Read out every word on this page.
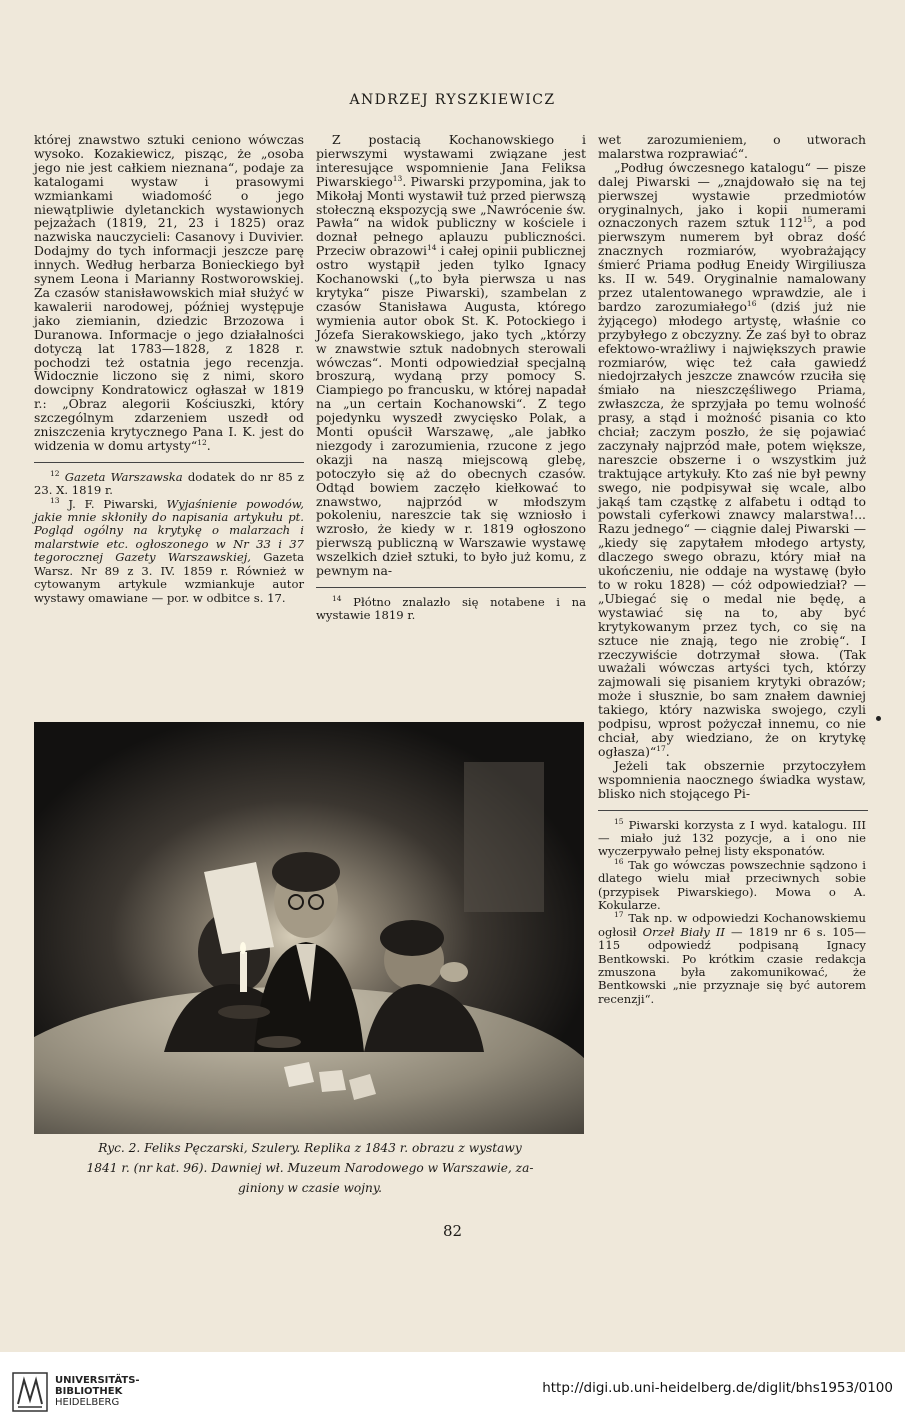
ANDRZEJ RYSZKIEWICZ

której znawstwo sztuki ceniono wówczas wysoko. Kozakiewicz, pisząc, że „osoba jego nie jest całkiem nieznana“, podaje za katalogami wystaw i prasowymi wzmiankami wiadomość o jego niewątpliwie dyletanckich wystawionych pejzażach (1819, 21, 23 i 1825) oraz nazwiska nauczycieli: Casanovy i Duvivier. Dodajmy do tych informacji jeszcze parę innych. Według herbarza Bonieckiego był synem Leona i Marianny Rostworowskiej. Za czasów stanisławowskich miał służyć w kawalerii narodowej, później występuje jako ziemianin, dziedzic Brzozowa i Duranowa. Informacje o jego działalności dotyczą lat 1783—1828, z 1828 r. pochodzi też ostatnia jego recenzja. Widocznie liczono się z nimi, skoro dowcipny Kondratowicz ogłaszał w 1819 r.: „Obraz alegorii Kościuszki, który szczególnym zdarzeniem uszedł od zniszczenia krytycznego Pana I. K. jest do widzenia w domu artysty“$^{12}$.

$^{12}$ Gazeta Warszawska dodatek do nr 85 z 23. X. 1819 r.

$^{13}$ J. F. Piwarski, Wyjaśnienie powodów, jakie mnie skłoniły do napisania artykułu pt. Pogląd ogólny na krytykę o malarzach i malarstwie etc. ogłoszonego w Nr 33 i 37 tegorocznej Gazety Warszawskiej, Gazeta Warsz. Nr 89 z 3. IV. 1859 r. Również w cytowanym artykule wzmiankuje autor wystawy omawiane — por. w odbitce s. 17.

Z postacią Kochanowskiego i pierwszymi wystawami związane jest interesujące wspomnienie Jana Feliksa Piwarskiego$^{13}$. Piwarski przypomina, jak to Mikołaj Monti wystawił tuż przed pierwszą stołeczną ekspozycją swe „Nawrócenie św. Pawła“ na widok publiczny w kościele i doznał pełnego aplauzu publiczności. Przeciw obrazowi$^{14}$ i całej opinii publicznej ostro wystąpił jeden tylko Ignacy Kochanowski („to była pierwsza u nas krytyka“ pisze Piwarski), szambelan z czasów Stanisława Augusta, którego wymienia autor obok St. K. Potockiego i Józefa Sierakowskiego, jako tych „którzy w znawstwie sztuk nadobnych sterowali wówczas“. Monti odpowiedział specjalną broszurą, wydaną przy pomocy S. Ciampiego po francusku, w której napadał na „un certain Kochanowski“. Z tego pojedynku wyszedł zwycięsko Polak, a Monti opuścił Warszawę, „ale jabłko niezgody i zarozumienia, rzucone z jego okazji na naszą miejscową glebę, potoczyło się aż do obecnych czasów. Odtąd bowiem zaczęło kiełkować to znawstwo, najprzód w młodszym pokoleniu, nareszcie tak się wzniosło i wzrosło, że kiedy w r. 1819 ogłoszono pierwszą publiczną w Warszawie wystawę wszelkich dzieł sztuki, to było już komu, z pewnym na-

$^{14}$ Płótno znalazło się notabene i na wystawie 1819 r.

wet zarozumieniem, o utworach malarstwa rozprawiać“.

„Podług ówczesnego katalogu“ — pisze dalej Piwarski — „znajdowało się na tej pierwszej wystawie przedmiotów oryginalnych, jako i kopii numerami oznaczonych razem sztuk $112^{15}$, a pod pierwszym numerem był obraz dość znacznych rozmiarów, wyobrażający śmierć Priama podług Eneidy Wirgiliusza ks. II w. 549. Oryginalnie namalowany przez utalentowanego wprawdzie, ale i bardzo zarozumiałego$^{16}$ (dziś już nie żyjącego) młodego artystę, właśnie co przybyłego z obczyzny. Że zaś był to obraz efektowo-wrażliwy i największych prawie rozmiarów, więc też cała gawiedź niedojrzałych jeszcze znawców rzuciła się śmiało na nieszczęśliwego Priama, zwłaszcza, że sprzyjała po temu wolność prasy, a stąd i możność pisania co kto chciał; zaczym poszło, że się pojawiać zaczynały najprzód małe, potem większe, nareszcie obszerne i o wszystkim już traktujące artykuły. Kto zaś nie był pewny swego, nie podpisywał się wcale, albo jakąś tam cząstkę z alfabetu i odtąd to powstali cyferkowi znawcy malarstwa!... Razu jednego“ — ciągnie dalej Piwarski — „kiedy się zapytałem młodego artysty, dlaczego swego obrazu, który miał na ukończeniu, nie oddaje na wystawę (było to w roku 1828) — cóż odpowiedział? — „Ubiegać się o medal nie będę, a wystawiać się na to, aby być krytykowanym przez tych, co się na sztuce nie znają, tego nie zrobię“. I rzeczywiście dotrzymał słowa. (Tak uważali wówczas artyści tych, którzy zajmowali się pisaniem krytyki obrazów; może i słusznie, bo sam znałem dawniej takiego, który nazwiska swojego, czyli podpisu, wprost pożyczał innemu, co nie chciał, aby wiedziano, że on krytykę ogłasza)“$^{17}$.

Jeżeli tak obszernie przytoczyłem wspomnienia naocznego świadka wystaw, blisko nich stojącego Pi-

$^{15}$ Piwarski korzysta z I wyd. katalogu. III — miało już 132 pozycje, a i ono nie wyczerpywało pełnej listy eksponatów.

$^{16}$ Tak go wówczas powszechnie sądzono i dlatego wielu miał przeciwnych sobie (przypisek Piwarskiego). Mowa o A. Kokularze.

$^{17}$ Tak np. w odpowiedzi Kochanowskiemu ogłosił Orzeł Biały II — 1819 nr 6 s. 105—115 odpowiedź podpisaną Ignacy Bentkowski. Po krótkim czasie redakcja zmuszona była zakomunikować, że Bentkowski „nie przyznaje się być autorem recenzji“.

Ryc. 2. Feliks Pęczarski, Szulery. Replika z 1843 r. obrazu z wystawy
1841 r. (nr kat. 96). Dawniej wł. Muzeum Narodowego w Warszawie, za-
giniony w czasie wojny.
82
UNIVERSITÄTS-
BIBLIOTHEK
HEIDELBERG
http://digi.ub.uni-heidelberg.de/diglit/bhs1953/0100
